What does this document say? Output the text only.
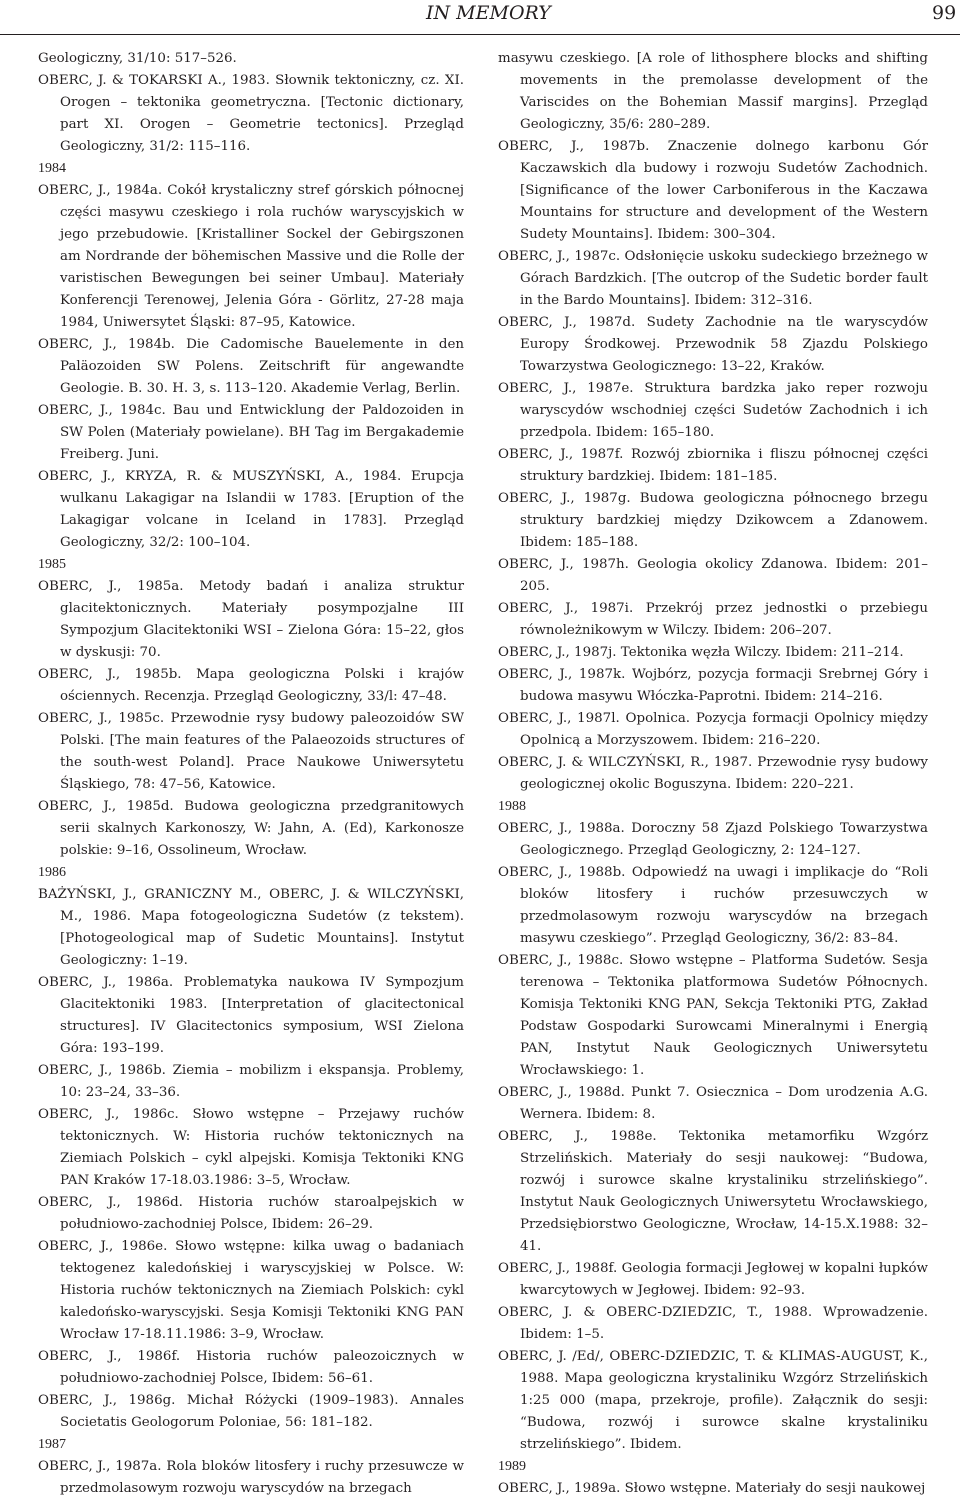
IN MEMORY	99

Geologiczny, 31/10: 517–526.

OBERC, J. & TOKARSKI A., 1983. Słownik tektoniczny, cz. XI. Orogen – tektonika geometryczna. [Tectonic dictionary, part XI. Orogen – Geometrie tectonics]. Przegląd Geologiczny, 31/2: 115–116.

1984

OBERC, J., 1984a. Cokół krystaliczny stref górskich północnej części masywu czeskiego i rola ruchów waryscyjskich w jego przebudowie. [Kristalliner Sockel der Gebirgszonen am Nordrande der böhemischen Massive und die Rolle der varistischen Bewegungen bei seiner Umbau]. Materiały Konferencji Terenowej, Jelenia Góra - Görlitz, 27-28 maja 1984, Uniwersytet Śląski: 87–95, Katowice.

OBERC, J., 1984b. Die Cadomische Bauelemente in den Paläozoiden SW Polens. Zeitschrift für angewandte Geologie. B. 30. H. 3, s. 113–120. Akademie Verlag, Berlin.

OBERC, J., 1984c. Bau und Entwicklung der Paldozoiden in SW Polen (Materiały powielane). BH Tag im Bergakademie Freiberg. Juni.

OBERC, J., KRYZA, R. & MUSZYŃSKI, A., 1984. Erupcja wulkanu Lakagigar na Islandii w 1783. [Eruption of the Lakagigar volcane in Iceland in 1783]. Przegląd Geologiczny, 32/2: 100–104.

1985

OBERC, J., 1985a. Metody badań i analiza struktur glacitektonicznych. Materiały posympozjalne III Sympozjum Glacitektoniki WSI – Zielona Góra: 15–22, głos w dyskusji: 70.

OBERC, J., 1985b. Mapa geologiczna Polski i krajów ościennych. Recenzja. Przegląd Geologiczny, 33/l: 47–48.

OBERC, J., 1985c. Przewodnie rysy budowy paleozoidów SW Polski. [The main features of the Palaeozoids structures of the south-west Poland]. Prace Naukowe Uniwersytetu Śląskiego, 78: 47–56, Katowice.

OBERC, J., 1985d. Budowa geologiczna przedgranitowych serii skalnych Karkonoszy, W: Jahn, A. (Ed), Karkonosze polskie: 9–16, Ossolineum, Wrocław.

1986

BAŻYŃSKI, J., GRANICZNY M., OBERC, J. & WILCZYŃSKI, M., 1986. Mapa fotogeologiczna Sudetów (z tekstem). [Photogeological map of Sudetic Mountains]. Instytut Geologiczny: 1–19.

OBERC, J., 1986a. Problematyka naukowa IV Sympozjum Glacitektoniki 1983. [Interpretation of glacitectonical structures]. IV Glacitectonics symposium, WSI Zielona Góra: 193–199.

OBERC, J., 1986b. Ziemia – mobilizm i ekspansja. Problemy, 10: 23–24, 33–36.

OBERC, J., 1986c. Słowo wstępne – Przejawy ruchów tektonicznych. W: Historia ruchów tektonicznych na Ziemiach Polskich – cykl alpejski. Komisja Tektoniki KNG PAN Kraków 17-18.03.1986: 3–5, Wrocław.

OBERC, J., 1986d. Historia ruchów staroalpejskich w południowo-zachodniej Polsce, Ibidem: 26–29.

OBERC, J., 1986e. Słowo wstępne: kilka uwag o badaniach tektogenez kaledońskiej i waryscyjskiej w Polsce. W: Historia ruchów tektonicznych na Ziemiach Polskich: cykl kaledońsko-waryscyjski. Sesja Komisji Tektoniki KNG PAN Wrocław 17-18.11.1986: 3–9, Wrocław.

OBERC, J., 1986f. Historia ruchów paleozoicznych w południowo-zachodniej Polsce, Ibidem: 56–61.

OBERC, J., 1986g. Michał Różycki (1909–1983). Annales Societatis Geologorum Poloniae, 56: 181–182.

1987

OBERC, J., 1987a. Rola bloków litosfery i ruchy przesuwcze w przedmolasowym rozwoju waryscydów na brzegach

masywu czeskiego. [A role of lithosphere blocks and shifting movements in the premolasse development of the Variscides on the Bohemian Massif margins]. Przegląd Geologiczny, 35/6: 280–289.

OBERC, J., 1987b. Znaczenie dolnego karbonu Gór Kaczawskich dla budowy i rozwoju Sudetów Zachodnich. [Significance of the lower Carboniferous in the Kaczawa Mountains for structure and development of the Western Sudety Mountains]. Ibidem: 300–304.

OBERC, J., 1987c. Odsłonięcie uskoku sudeckiego brzeżnego w Górach Bardzkich. [The outcrop of the Sudetic border fault in the Bardo Mountains]. Ibidem: 312–316.

OBERC, J., 1987d. Sudety Zachodnie na tle waryscydów Europy Środkowej. Przewodnik 58 Zjazdu Polskiego Towarzystwa Geologicznego: 13–22, Kraków.

OBERC, J., 1987e. Struktura bardzka jako reper rozwoju waryscydów wschodniej części Sudetów Zachodnich i ich przedpola. Ibidem: 165–180.

OBERC, J., 1987f. Rozwój zbiornika i fliszu północnej części struktury bardzkiej. Ibidem: 181–185.

OBERC, J., 1987g. Budowa geologiczna północnego brzegu struktury bardzkiej między Dzikowcem a Zdanowem. Ibidem: 185–188.

OBERC, J., 1987h. Geologia okolicy Zdanowa. Ibidem: 201–205.

OBERC, J., 1987i. Przekrój przez jednostki o przebiegu równoleżnikowym w Wilczy. Ibidem: 206–207.

OBERC, J., 1987j. Tektonika węzła Wilczy. Ibidem: 211–214.

OBERC, J., 1987k. Wojbórz, pozycja formacji Srebrnej Góry i budowa masywu Włóczka-Paprotni. Ibidem: 214–216.

OBERC, J., 1987l. Opolnica. Pozycja formacji Opolnicy między Opolnicą a Morzyszowem. Ibidem: 216–220.

OBERC, J. & WILCZYŃSKI, R., 1987. Przewodnie rysy budowy geologicznej okolic Boguszyna. Ibidem: 220–221.

1988

OBERC, J., 1988a. Doroczny 58 Zjazd Polskiego Towarzystwa Geologicznego. Przegląd Geologiczny, 2: 124–127.

OBERC, J., 1988b. Odpowiedź na uwagi i implikacje do “Roli bloków litosfery i ruchów przesuwczych w przedmolasowym rozwoju waryscydów na brzegach masywu czeskiego”. Przegląd Geologiczny, 36/2: 83–84.

OBERC, J., 1988c. Słowo wstępne – Platforma Sudetów. Sesja terenowa – Tektonika platformowa Sudetów Północnych. Komisja Tektoniki KNG PAN, Sekcja Tektoniki PTG, Zakład Podstaw Gospodarki Surowcami Mineralnymi i Energią PAN, Instytut Nauk Geologicznych Uniwersytetu Wrocławskiego: 1.

OBERC, J., 1988d. Punkt 7. Osiecznica – Dom urodzenia A.G. Wernera. Ibidem: 8.

OBERC, J., 1988e. Tektonika metamorfiku Wzgórz Strzelińskich. Materiały do sesji naukowej: “Budowa, rozwój i surowce skalne krystaliniku strzelińskiego”. Instytut Nauk Geologicznych Uniwersytetu Wrocławskiego, Przedsiębiorstwo Geologiczne, Wrocław, 14-15.X.1988: 32–41.

OBERC, J., 1988f. Geologia formacji Jegłowej w kopalni łupków kwarcytowych w Jegłowej. Ibidem: 92–93.

OBERC, J. & OBERC-DZIEDZIC, T., 1988. Wprowadzenie. Ibidem: 1–5.

OBERC, J. /Ed/, OBERC-DZIEDZIC, T. & KLIMAS-AUGUST, K., 1988. Mapa geologiczna krystaliniku Wzgórz Strzelińskich 1:25 000 (mapa, przekroje, profile). Załącznik do sesji: “Budowa, rozwój i surowce skalne krystaliniku strzelińskiego”. Ibidem.

1989

OBERC, J., 1989a. Słowo wstępne. Materiały do sesji naukowej
